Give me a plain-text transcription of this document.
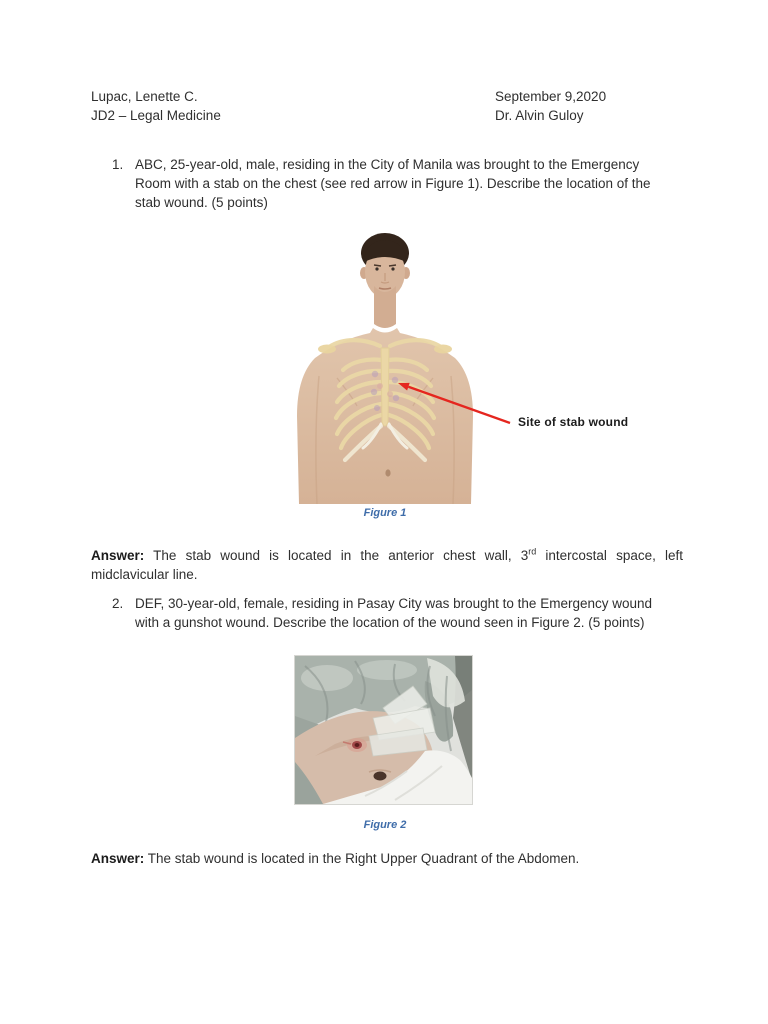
Lupac, Lenette C.
JD2 – Legal Medicine
September 9,2020
Dr. Alvin Guloy
1. ABC, 25-year-old, male, residing in the City of Manila was brought to the Emergency Room with a stab on the chest (see red arrow in Figure 1). Describe the location of the stab wound. (5 points)
Site of stab wound
Figure 1
Answer: The stab wound is located in the anterior chest wall, 3rd intercostal space, left midclavicular line.
2. DEF, 30-year-old, female, residing in Pasay City was brought to the Emergency wound with a gunshot wound. Describe the location of the wound seen in Figure 2. (5 points)
Figure 2
Answer: The stab wound is located in the Right Upper Quadrant of the Abdomen.
